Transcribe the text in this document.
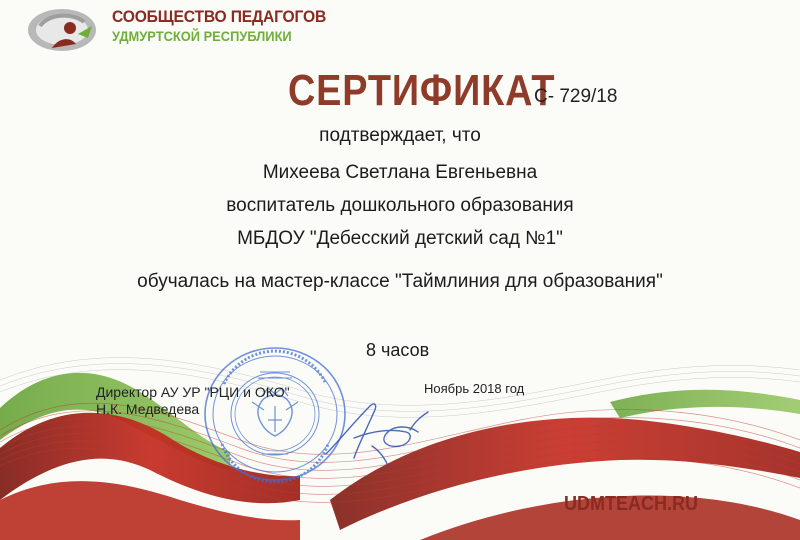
СООБЩЕСТВО ПЕДАГОГОВ
УДМУРТСКОЙ РЕСПУБЛИКИ
СЕРТИФИКАТ
С- 729/18

подтверждает, что

Михеева Светлана Евгеньевна

воспитатель дошкольного образования

МБДОУ "Дебесский детский сад №1"

обучалась на мастер-классе "Таймлиния для образования"

8 часов

Директор АУ УР "РЦИ и ОКО"
Н.К. Медведева
Ноябрь 2018 год
UDMTEACH.RU
